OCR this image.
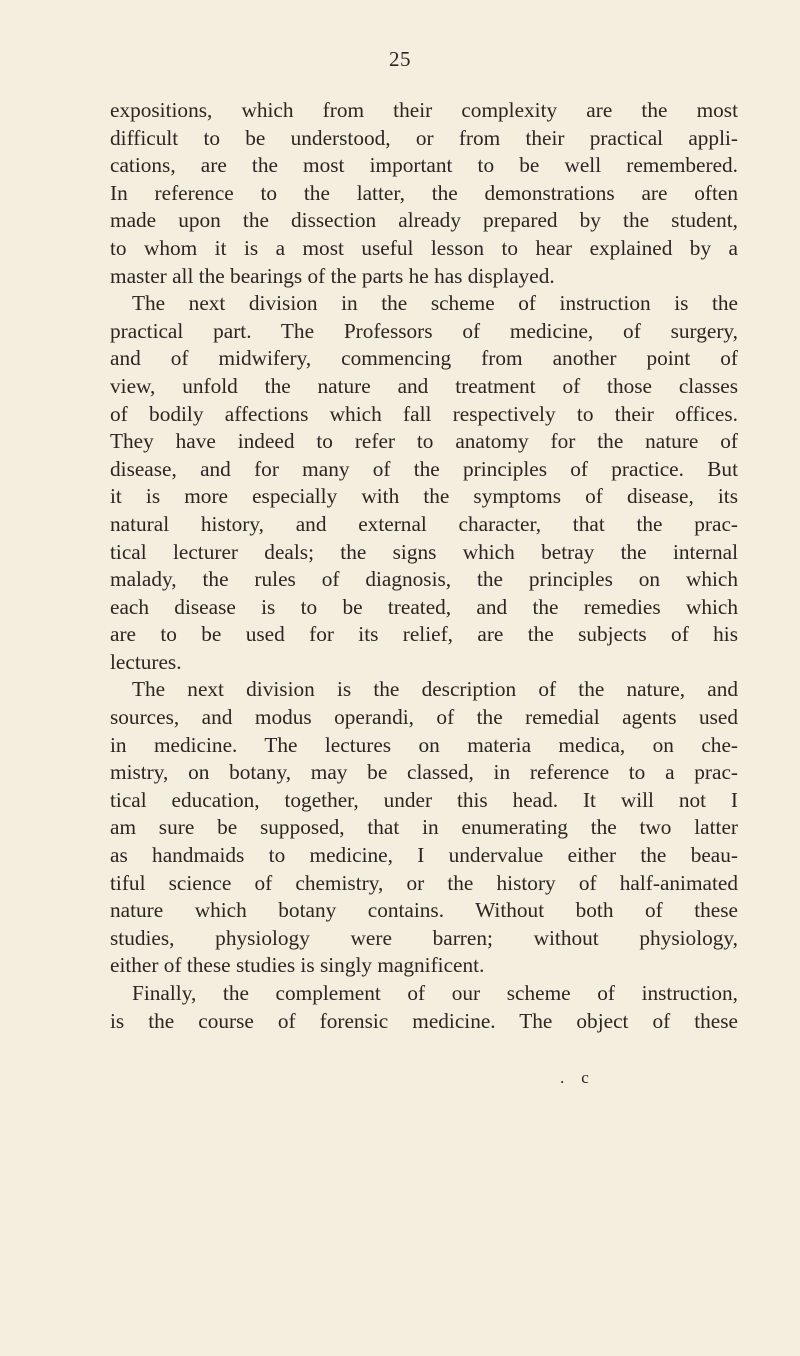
25
expositions, which from their complexity are the most
difficult to be understood, or from their practical appli-
cations, are the most important to be well remembered.
In reference to the latter, the demonstrations are often
made upon the dissection already prepared by the student,
to whom it is a most useful lesson to hear explained by a
master all the bearings of the parts he has displayed.
The next division in the scheme of instruction is the
practical part. The Professors of medicine, of surgery,
and of midwifery, commencing from another point of
view, unfold the nature and treatment of those classes
of bodily affections which fall respectively to their offices.
They have indeed to refer to anatomy for the nature of
disease, and for many of the principles of practice. But
it is more especially with the symptoms of disease, its
natural history, and external character, that the prac-
tical lecturer deals; the signs which betray the internal
malady, the rules of diagnosis, the principles on which
each disease is to be treated, and the remedies which
are to be used for its relief, are the subjects of his
lectures.
The next division is the description of the nature, and
sources, and modus operandi, of the remedial agents used
in medicine. The lectures on materia medica, on che-
mistry, on botany, may be classed, in reference to a prac-
tical education, together, under this head. It will not I
am sure be supposed, that in enumerating the two latter
as handmaids to medicine, I undervalue either the beau-
tiful science of chemistry, or the history of half-animated
nature which botany contains. Without both of these
studies, physiology were barren; without physiology,
either of these studies is singly magnificent.
Finally, the complement of our scheme of instruction,
is the course of forensic medicine. The object of these
. c
